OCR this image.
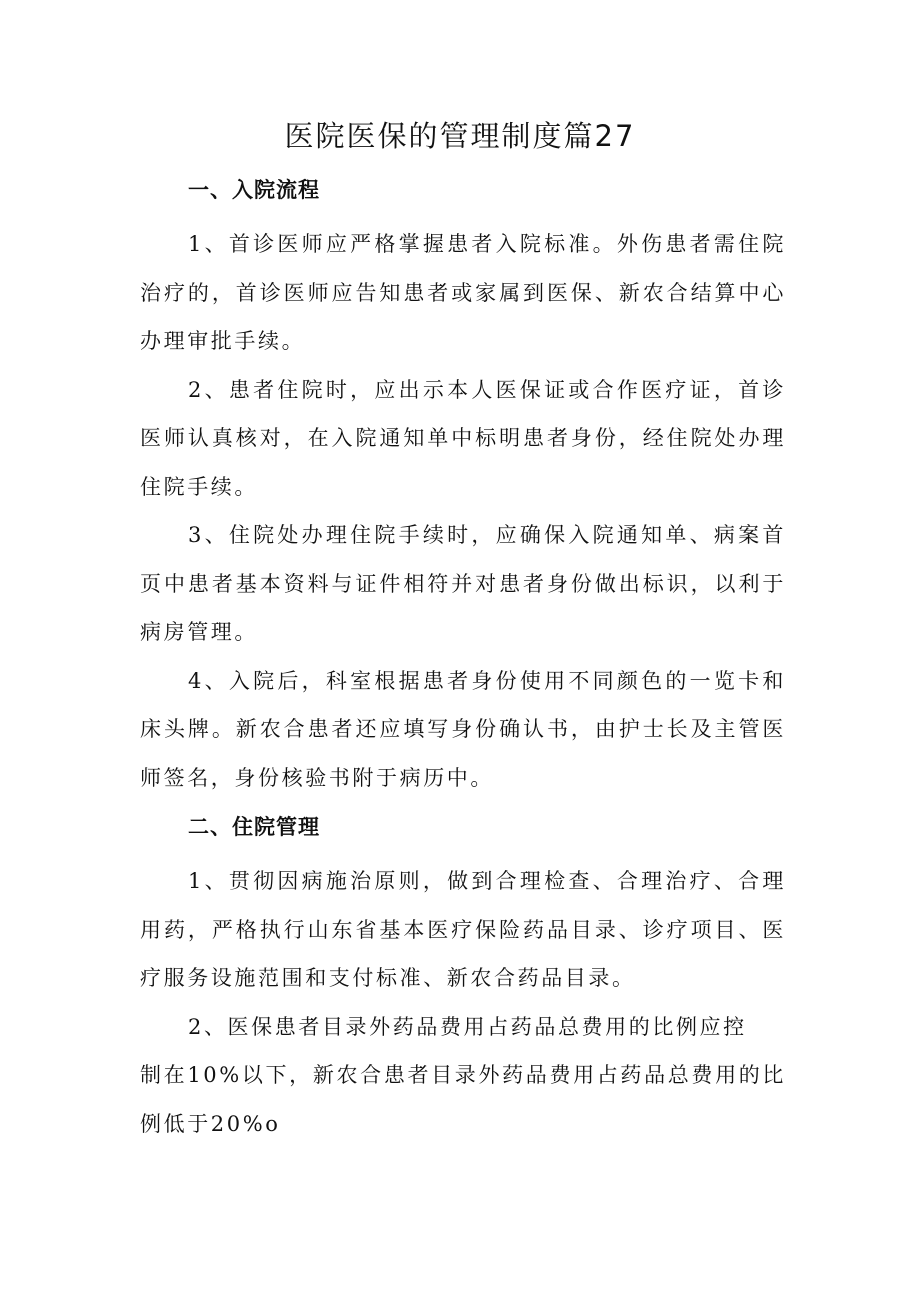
医院医保的管理制度篇27
一、入院流程

1、首诊医师应严格掌握患者入院标准。外伤患者需住院治疗的，首诊医师应告知患者或家属到医保、新农合结算中心办理审批手续。

2、患者住院时，应出示本人医保证或合作医疗证，首诊医师认真核对，在入院通知单中标明患者身份，经住院处办理住院手续。

3、住院处办理住院手续时，应确保入院通知单、病案首页中患者基本资料与证件相符并对患者身份做出标识，以利于病房管理。

4、入院后，科室根据患者身份使用不同颜色的一览卡和床头牌。新农合患者还应填写身份确认书，由护士长及主管医师签名，身份核验书附于病历中。

二、住院管理

1、贯彻因病施治原则，做到合理检查、合理治疗、合理用药，严格执行山东省基本医疗保险药品目录、诊疗项目、医疗服务设施范围和支付标准、新农合药品目录。

2、医保患者目录外药品费用占药品总费用的比例应控

制在10%以下，新农合患者目录外药品费用占药品总费用的比例低于20%o
